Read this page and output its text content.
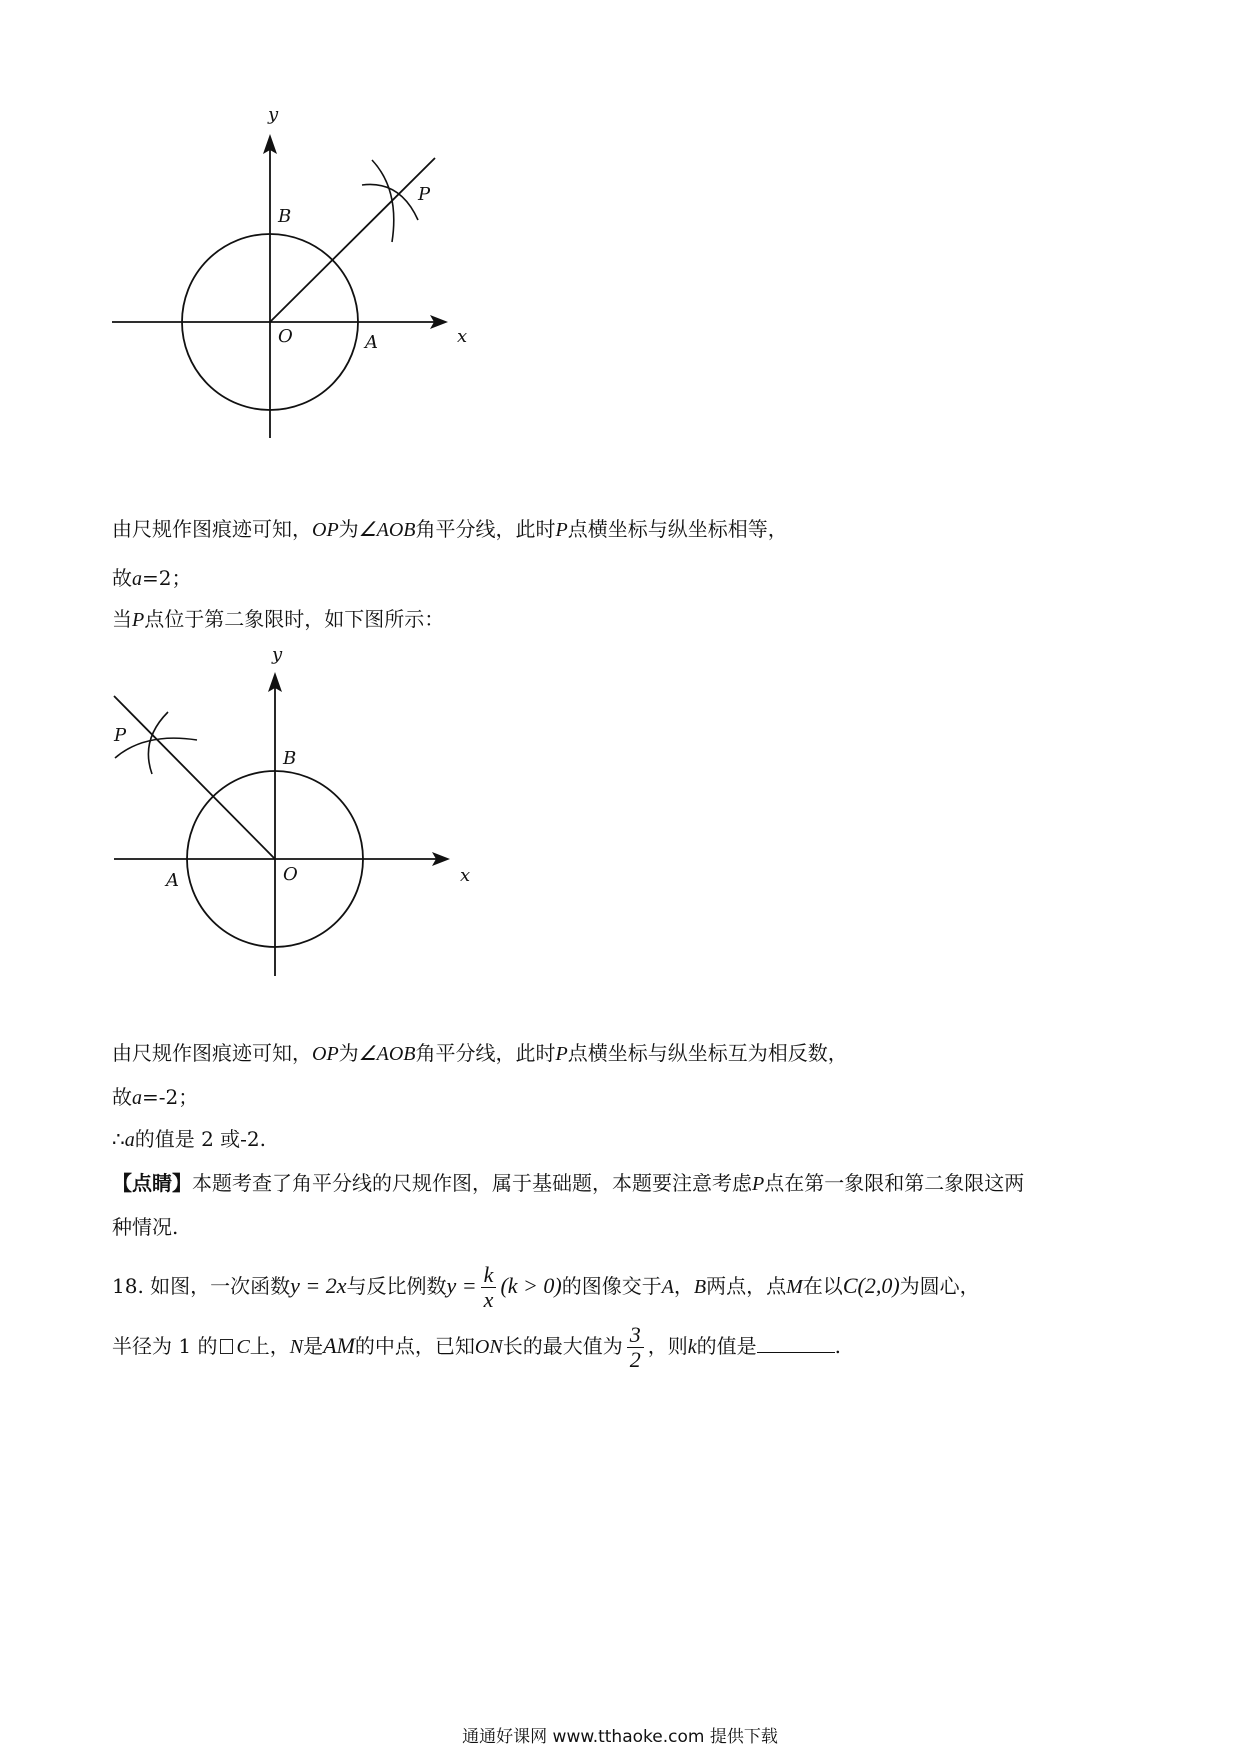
y
x
O	A
B
P
由尺规作图痕迹可知，OP为∠AOB角平分线，此时P点横坐标与纵坐标相等，
故a=2；
当P点位于第二象限时，如下图所示：
y
x
O
A
B
P
由尺规作图痕迹可知，OP为∠AOB角平分线，此时P点横坐标与纵坐标互为相反数，
故a=-2；
∴a的值是 2 或-2.
【点睛】本题考查了角平分线的尺规作图，属于基础题，本题要注意考虑P点在第一象限和第二象限这两
种情况.
18. 如图，一次函数y = 2x与反比例数$y = \frac{k}{x} (k > 0)$的图像交于A，B两点，点M在以C(2,0)为圆心，
半径为 1 的 C上，N是AM的中点，已知ON长的最大值为 $\frac{3}{2}$ ，则k的值是	.
通通好课网 www.tthaoke.com 提供下载
